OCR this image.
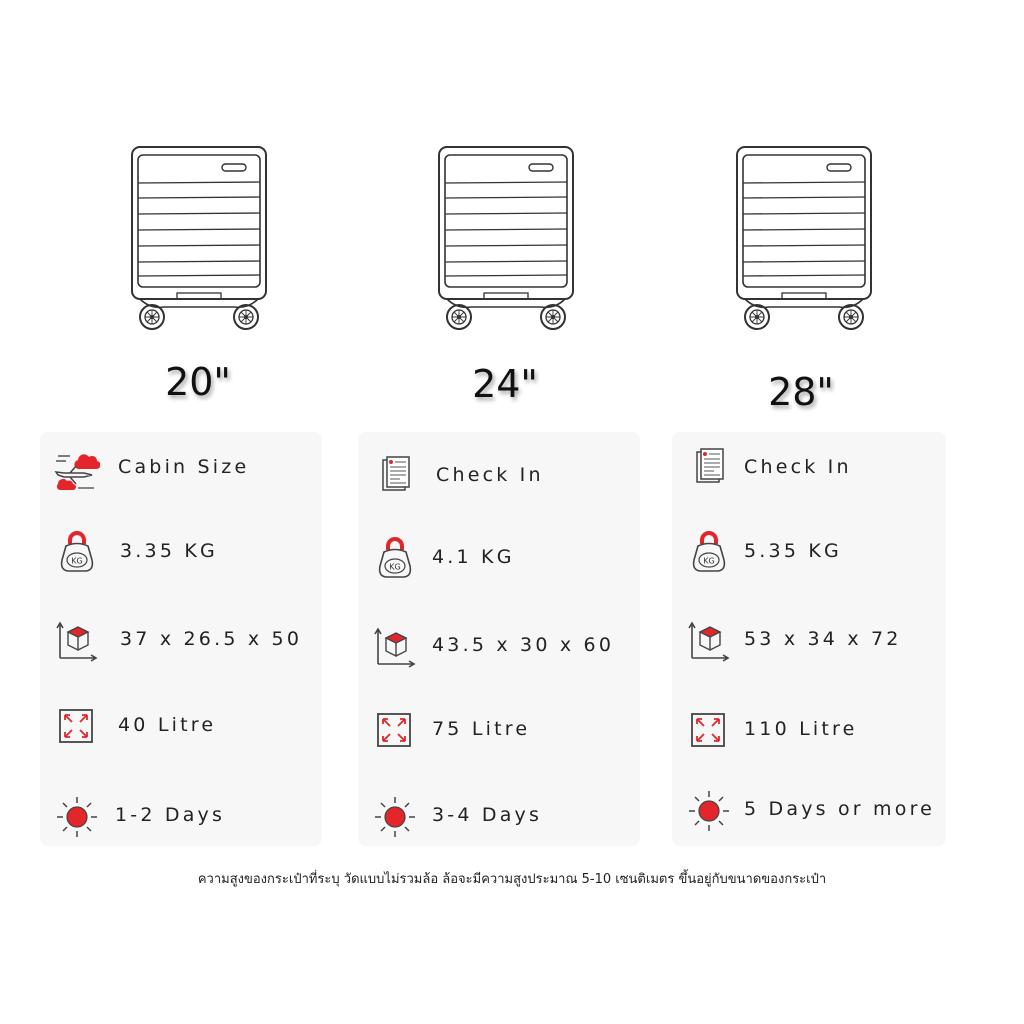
20"	24"	28"
Cabin Size
3.35 KG
37 x 26.5 x 50
40 Litre
1-2 Days
Check In
4.1 KG
43.5 x 30 x 60
75 Litre
3-4 Days
Check In
5.35 KG
53 x 34 x 72
110 Litre
5 Days or more
ความสูงของกระเป๋าที่ระบุ วัดแบบไม่รวมล้อ ล้อจะมีความสูงประมาณ 5-10 เซนติเมตร ขึ้นอยู่กับขนาดของกระเป๋า
